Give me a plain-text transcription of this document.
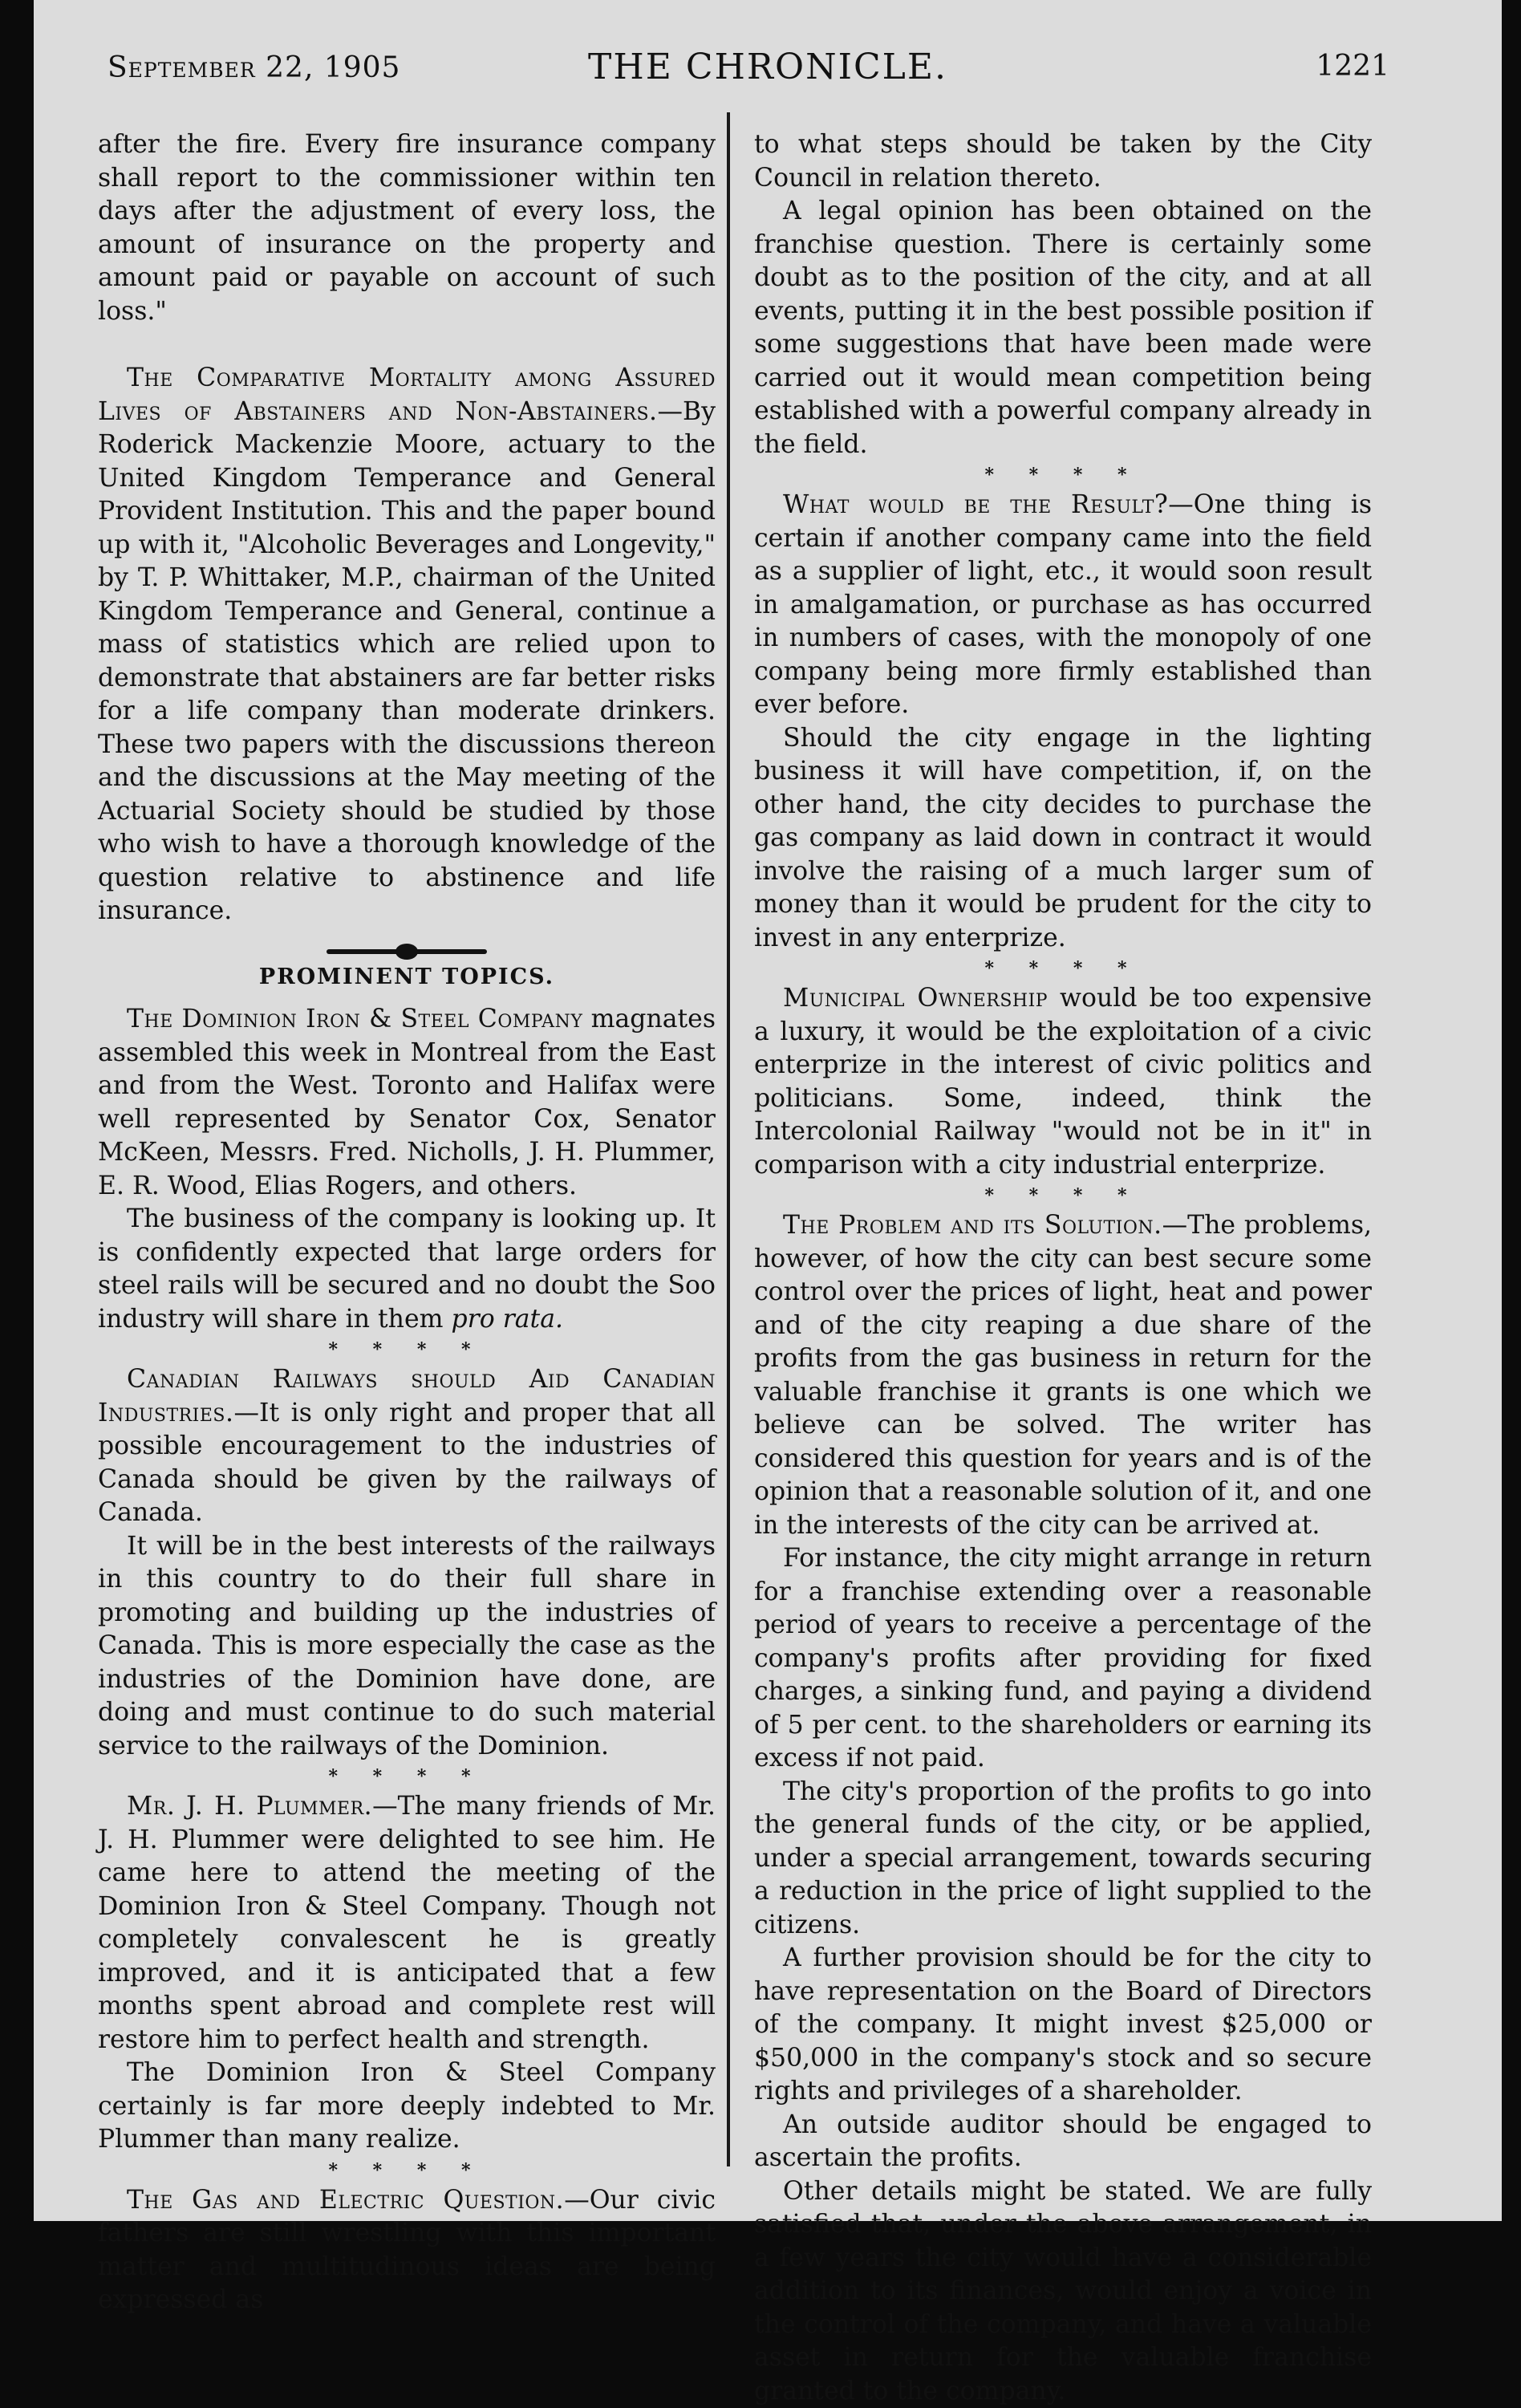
September 22, 1905	THE CHRONICLE.	1221

after the fire. Every fire insurance company shall report to the commissioner within ten days after the adjustment of every loss, the amount of insurance on the property and amount paid or payable on account of such loss."

The Comparative Mortality among Assured Lives of Abstainers and Non-Abstainers.—By Roderick Mackenzie Moore, actuary to the United Kingdom Temperance and General Provident Institution. This and the paper bound up with it, "Alcoholic Beverages and Longevity," by T. P. Whittaker, M.P., chairman of the United Kingdom Temperance and General, continue a mass of statistics which are relied upon to demonstrate that abstainers are far better risks for a life company than moderate drinkers. These two papers with the discussions thereon and the discussions at the May meeting of the Actuarial Society should be studied by those who wish to have a thorough knowledge of the question relative to abstinence and life insurance.

PROMINENT TOPICS.

The Dominion Iron & Steel Company magnates assembled this week in Montreal from the East and from the West. Toronto and Halifax were well represented by Senator Cox, Senator McKeen, Messrs. Fred. Nicholls, J. H. Plummer, E. R. Wood, Elias Rogers, and others.

The business of the company is looking up. It is confidently expected that large orders for steel rails will be secured and no doubt the Soo industry will share in them pro rata.

* * * *

Canadian Railways should Aid Canadian Industries.—It is only right and proper that all possible encouragement to the industries of Canada should be given by the railways of Canada.

It will be in the best interests of the railways in this country to do their full share in promoting and building up the industries of Canada. This is more especially the case as the industries of the Dominion have done, are doing and must continue to do such material service to the railways of the Dominion.

* * * *

Mr. J. H. Plummer.—The many friends of Mr. J. H. Plummer were delighted to see him. He came here to attend the meeting of the Dominion Iron & Steel Company. Though not completely convalescent he is greatly improved, and it is anticipated that a few months spent abroad and complete rest will restore him to perfect health and strength.

The Dominion Iron & Steel Company certainly is far more deeply indebted to Mr. Plummer than many realize.

* * * *

The Gas and Electric Question.—Our civic fathers are still wrestling with this important matter and multitudinous ideas are being expressed as

to what steps should be taken by the City Council in relation thereto.

A legal opinion has been obtained on the franchise question. There is certainly some doubt as to the position of the city, and at all events, putting it in the best possible position if some suggestions that have been made were carried out it would mean competition being established with a powerful company already in the field.

* * * *

What would be the Result?—One thing is certain if another company came into the field as a supplier of light, etc., it would soon result in amalgamation, or purchase as has occurred in numbers of cases, with the monopoly of one company being more firmly established than ever before.

Should the city engage in the lighting business it will have competition, if, on the other hand, the city decides to purchase the gas company as laid down in contract it would involve the raising of a much larger sum of money than it would be prudent for the city to invest in any enterprize.

* * * *

Municipal Ownership would be too expensive a luxury, it would be the exploitation of a civic enterprize in the interest of civic politics and politicians. Some, indeed, think the Intercolonial Railway "would not be in it" in comparison with a city industrial enterprize.

* * * *

The Problem and its Solution.—The problems, however, of how the city can best secure some control over the prices of light, heat and power and of the city reaping a due share of the profits from the gas business in return for the valuable franchise it grants is one which we believe can be solved. The writer has considered this question for years and is of the opinion that a reasonable solution of it, and one in the interests of the city can be arrived at.

For instance, the city might arrange in return for a franchise extending over a reasonable period of years to receive a percentage of the company's profits after providing for fixed charges, a sinking fund, and paying a dividend of 5 per cent. to the shareholders or earning its excess if not paid.

The city's proportion of the profits to go into the general funds of the city, or be applied, under a special arrangement, towards securing a reduction in the price of light supplied to the citizens.

A further provision should be for the city to have representation on the Board of Directors of the company. It might invest $25,000 or $50,000 in the company's stock and so secure rights and privileges of a shareholder.

An outside auditor should be engaged to ascertain the profits.

Other details might be stated. We are fully satisfied that, under the above arrangement, in a few years the city would have a considerable addition to its finances, would enjoy a voice in the control of the company, and have a valuable asset in return for the valuable franchise granted to the company.
